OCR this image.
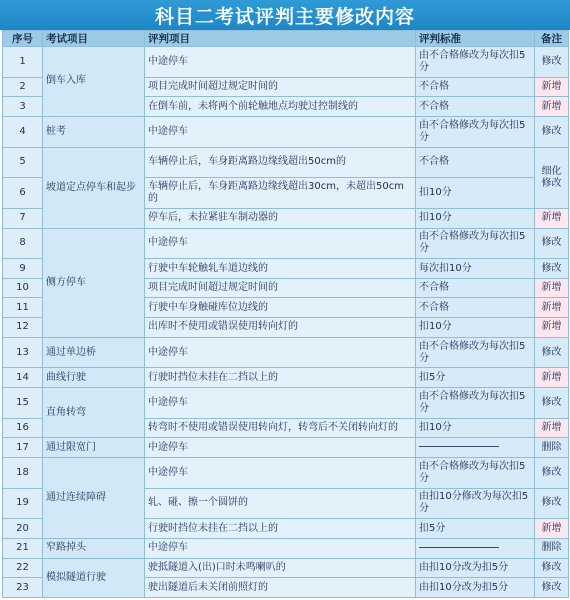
科目二考试评判主要修改内容
序号	考试项目	评判项目	评判标准	备注
1	倒车入库	中途停车	由不合格修改为每次扣5分	修改
2		项目完成时间超过规定时间的	不合格	新增
3		在倒车前，未将两个前轮触地点均驶过控制线的	不合格	新增
4	桩考	中途停车	由不合格修改为每次扣5分	修改
5	坡道定点停车和起步	车辆停止后，车身距离路边缘线超出50cm的	不合格	细化修改
6		车辆停止后，车身距离路边缘线超出30cm，未超出50cm的	扣10分	
7		停车后，未拉紧驻车制动器的	扣10分	新增
8	侧方停车	中途停车	由不合格修改为每次扣5分	修改
9		行驶中车轮触轧车道边线的	每次扣10分	修改
10		项目完成时间超过规定时间的	不合格	新增
11		行驶中车身触碰库位边线的	不合格	新增
12		出库时不使用或错误使用转向灯的	扣10分	新增
13	通过单边桥	中途停车	由不合格修改为每次扣5分	修改
14	曲线行驶	行驶时挡位未挂在二挡以上的	扣5分	新增
15	直角转弯	中途停车	由不合格修改为每次扣5分	修改
16		转弯时不使用或错误使用转向灯，转弯后不关闭转向灯的	扣10分	新增
17	通过限宽门	中途停车		删除
18	通过连续障碍	中途停车	由不合格修改为每次扣5分	修改
19		轧、碰、擦一个圆饼的	由扣10分修改为每次扣5分	修改
20		行驶时挡位未挂在二挡以上的	扣5分	新增
21	窄路掉头	中途停车		删除
22	模拟隧道行驶	驶抵隧道入(出)口时未鸣喇叭的	由扣10分改为扣5分	修改
23		驶出隧道后未关闭前照灯的	由扣10分改为扣5分	修改
